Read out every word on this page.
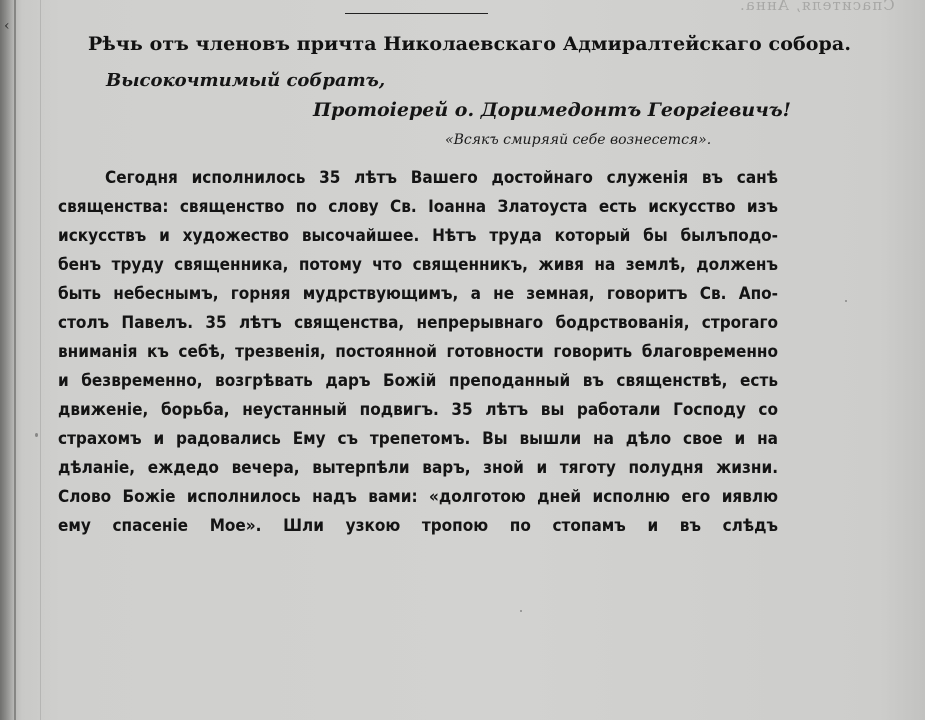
‹
Спасителя, Анна.
Рѣчь отъ членовъ причта Николаевскаго Адмиралтейскаго собора.
Высокочтимый собратъ,
Протоiерей о. Доримедонтъ Георгiевичъ!
«Всякъ смиряяй себе вознесется».
Сегодня исполнилось 35 лѣтъ Вашего достойнаго служенiя въ санѣ
священства: священство по слову Св. Iоанна Златоуста есть искусство изъ
искусствъ и художество высочайшее. Нѣтъ труда который бы былъподо-
бенъ труду священника, потому что священникъ, живя на землѣ, долженъ
быть небеснымъ, горняя мудрствующимъ, а не земная, говоритъ Св. Апо-
столъ Павелъ. 35 лѣтъ священства, непрерывнаго бодрствованiя, строгаго
вниманiя къ себѣ, трезвенiя, постоянной готовности говорить благовременно
и безвременно, возгрѣвать даръ Божiй преподанный въ священствѣ, есть
движенiе, борьба, неустанный подвигъ. 35 лѣтъ вы работали Господу со
страхомъ и радовались Ему съ трепетомъ. Вы вышли на дѣло свое и на
дѣланiе, еждедо вечера, вытерпѣли варъ, зной и тяготу полудня жизни.
Слово Божiе исполнилось надъ вами: «долготою дней исполню его иявлю
ему спасенiе Мое». Шли узкою тропою по стопамъ и въ слѣдъ
